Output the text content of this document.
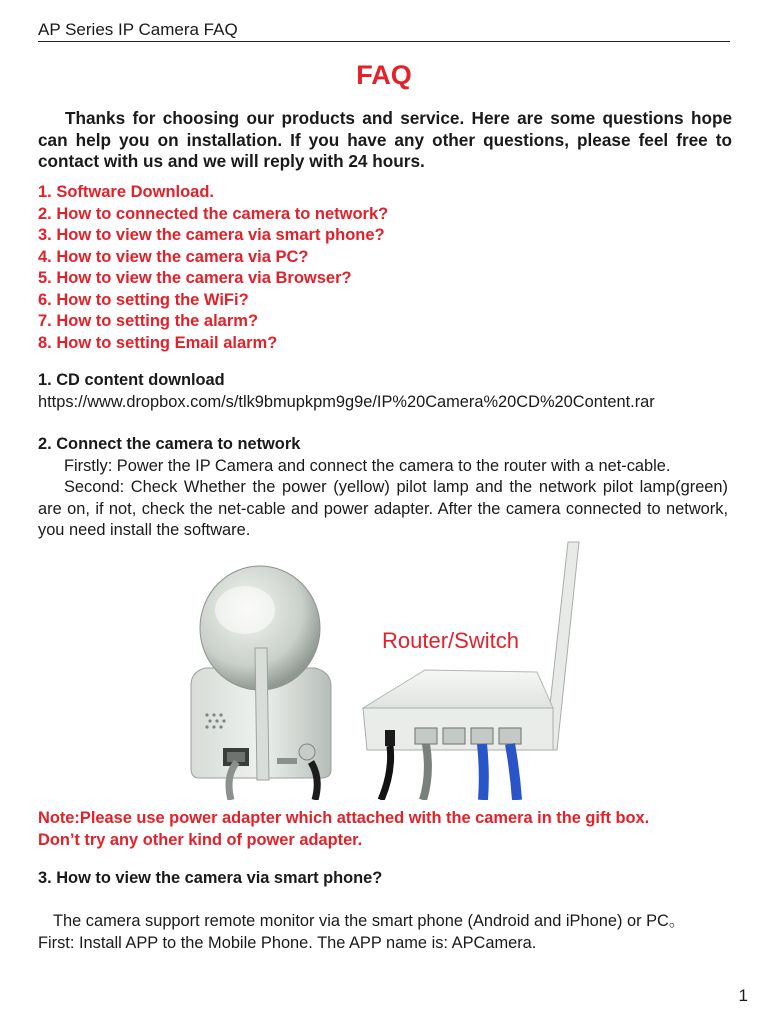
AP Series IP Camera FAQ
FAQ
Thanks for choosing our products and service. Here are some questions hope can help you on installation. If you have any other questions, please feel free to contact with us and we will reply with 24 hours.
1. Software Download.
2. How to connected the camera to network?
3. How to view the camera via smart phone?
4. How to view the camera via PC?
5. How to view the camera via Browser?
6. How to setting the WiFi?
7. How to setting the alarm?
8. How to setting Email alarm?
1. CD content download
https://www.dropbox.com/s/tlk9bmupkpm9g9e/IP%20Camera%20CD%20Content.rar
2. Connect the camera to network
Firstly: Power the IP Camera and connect the camera to the router with a net-cable.
Second: Check Whether the power (yellow) pilot lamp and the network pilot lamp(green) are on, if not, check the net-cable and power adapter. After the camera connected to network, you need install the software.
Router/Switch
Note:Please use power adapter which attached with the camera in the gift box.
Don’t try any other kind of power adapter.
3. How to view the camera via smart phone?
The camera support remote monitor via the smart phone (Android and iPhone) or PC。
First: Install APP to the Mobile Phone. The APP name is: APCamera.
1
